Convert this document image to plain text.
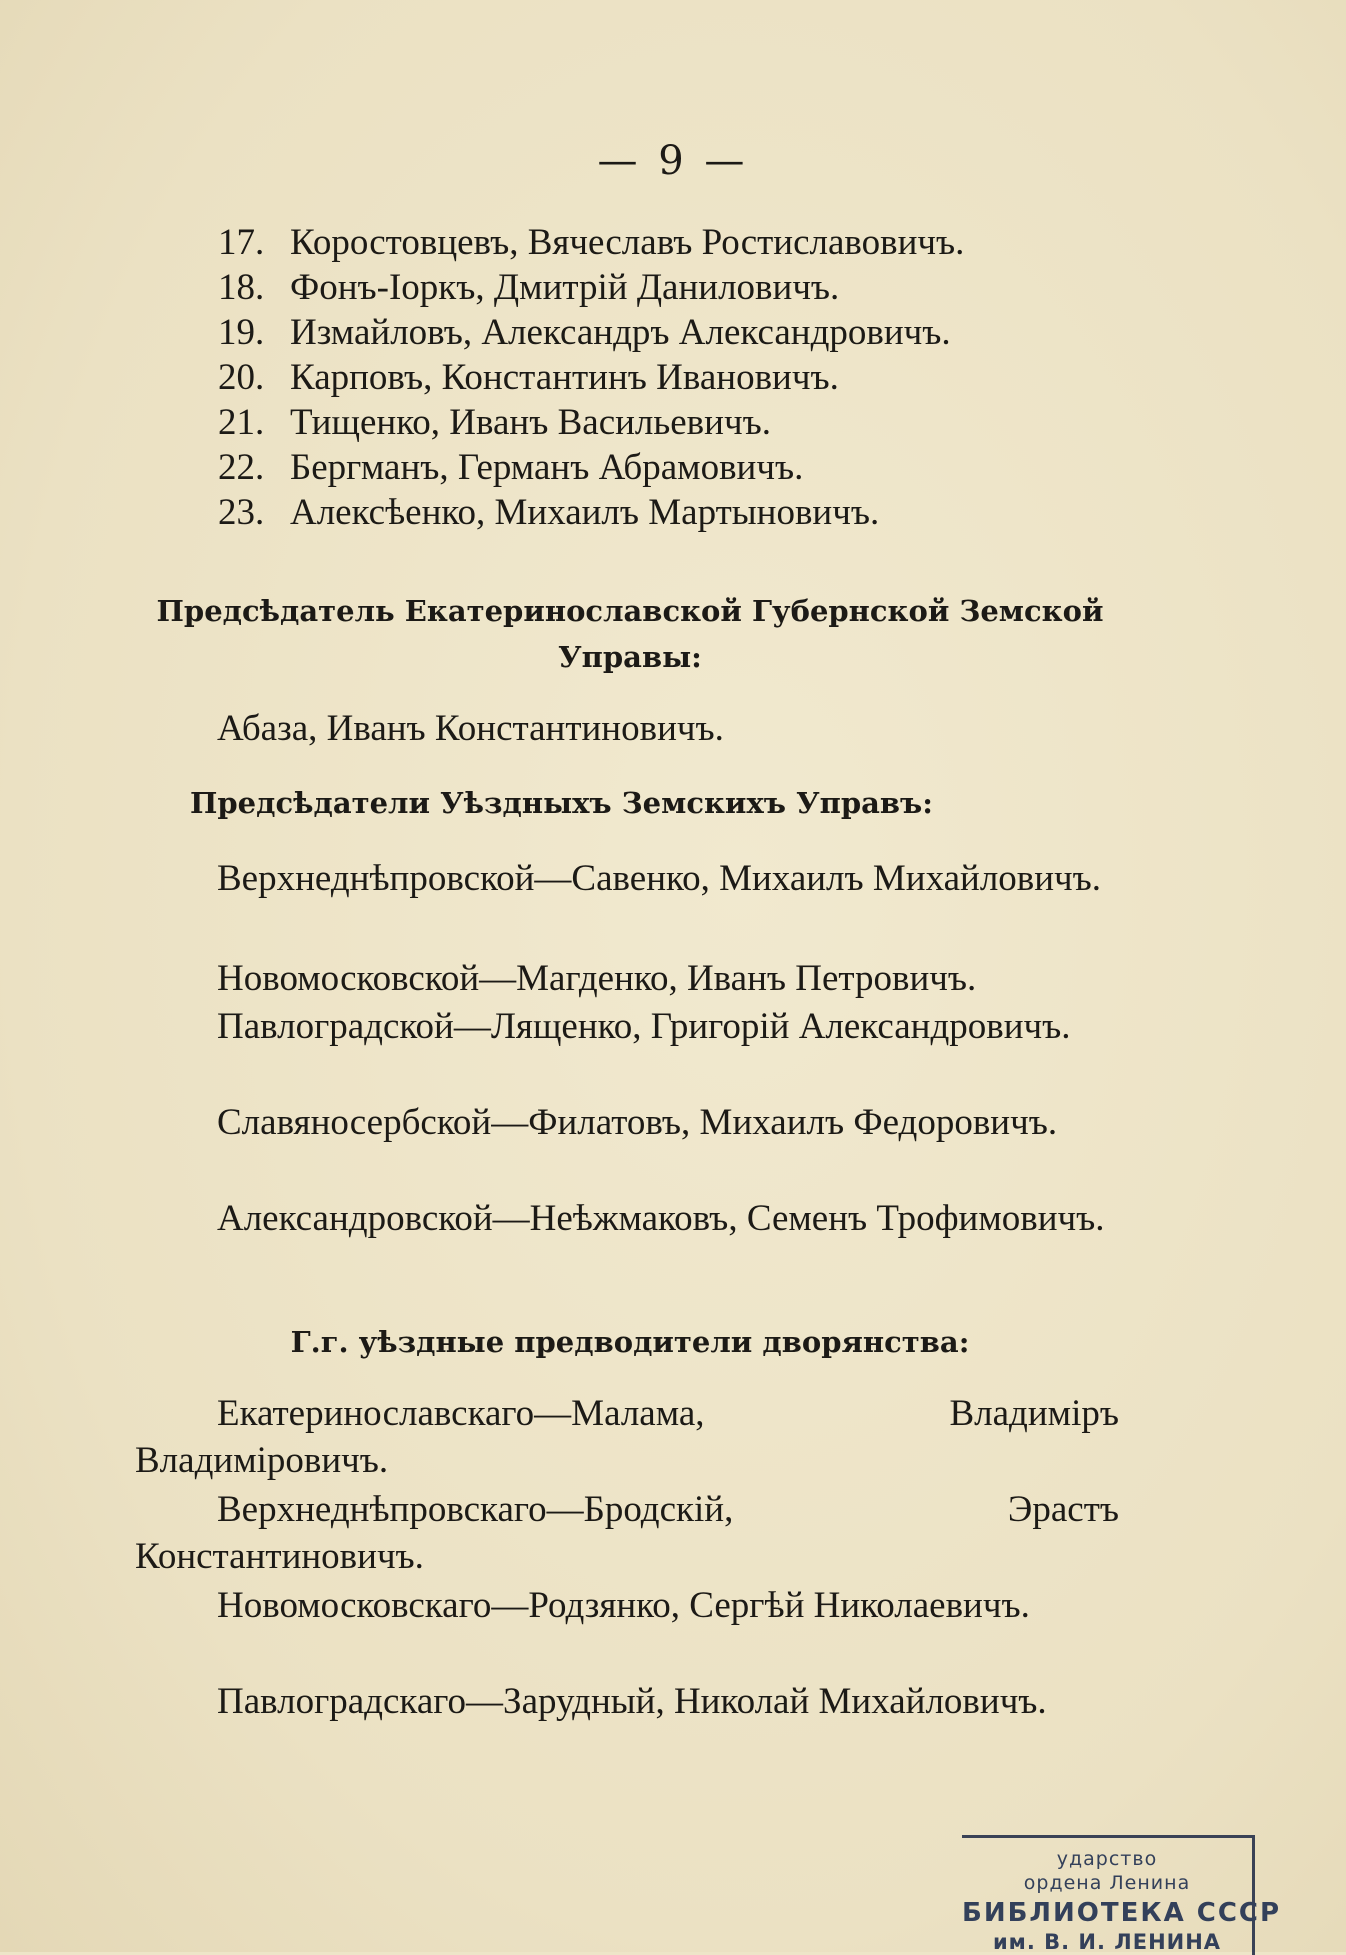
— 9 —
17. Коростовцевъ, Вячеславъ Ростиславовичъ.
18. Фонъ-Іоркъ, Дмитрій Даниловичъ.
19. Измайловъ, Александръ Александровичъ.
20. Карповъ, Константинъ Ивановичъ.
21. Тищенко, Иванъ Васильевичъ.
22. Бергманъ, Германъ Абрамовичъ.
23. Алексѣенко, Михаилъ Мартыновичъ.
Предсѣдатель Екатеринославской Губернской Земской Управы:
Абаза, Иванъ Константиновичъ.
Предсѣдатели Уѣздныхъ Земскихъ Управъ:
Верхнеднѣпровской—Савенко, Михаилъ Михайловичъ.
Новомосковской—Магденко, Иванъ Петровичъ.
Павлоградской—Лященко, Григорій Александровичъ.
Славяносербской—Филатовъ, Михаилъ Федоровичъ.
Александровской—Неѣжмаковъ, Семенъ Трофимовичъ.
Г.г. уѣздные предводители дворянства:
Екатеринославскаго—Малама, Владиміръ Владиміровичъ.
Верхнеднѣпровскаго—Бродскій, Эрастъ Константиновичъ.
Новомосковскаго—Родзянко, Сергѣй Николаевичъ.
Павлоградскаго—Зарудный, Николай Михайловичъ.
ударство
ордена Ленина
БИБЛИОТЕКА СССР
им. В. И. ЛЕНИНА
